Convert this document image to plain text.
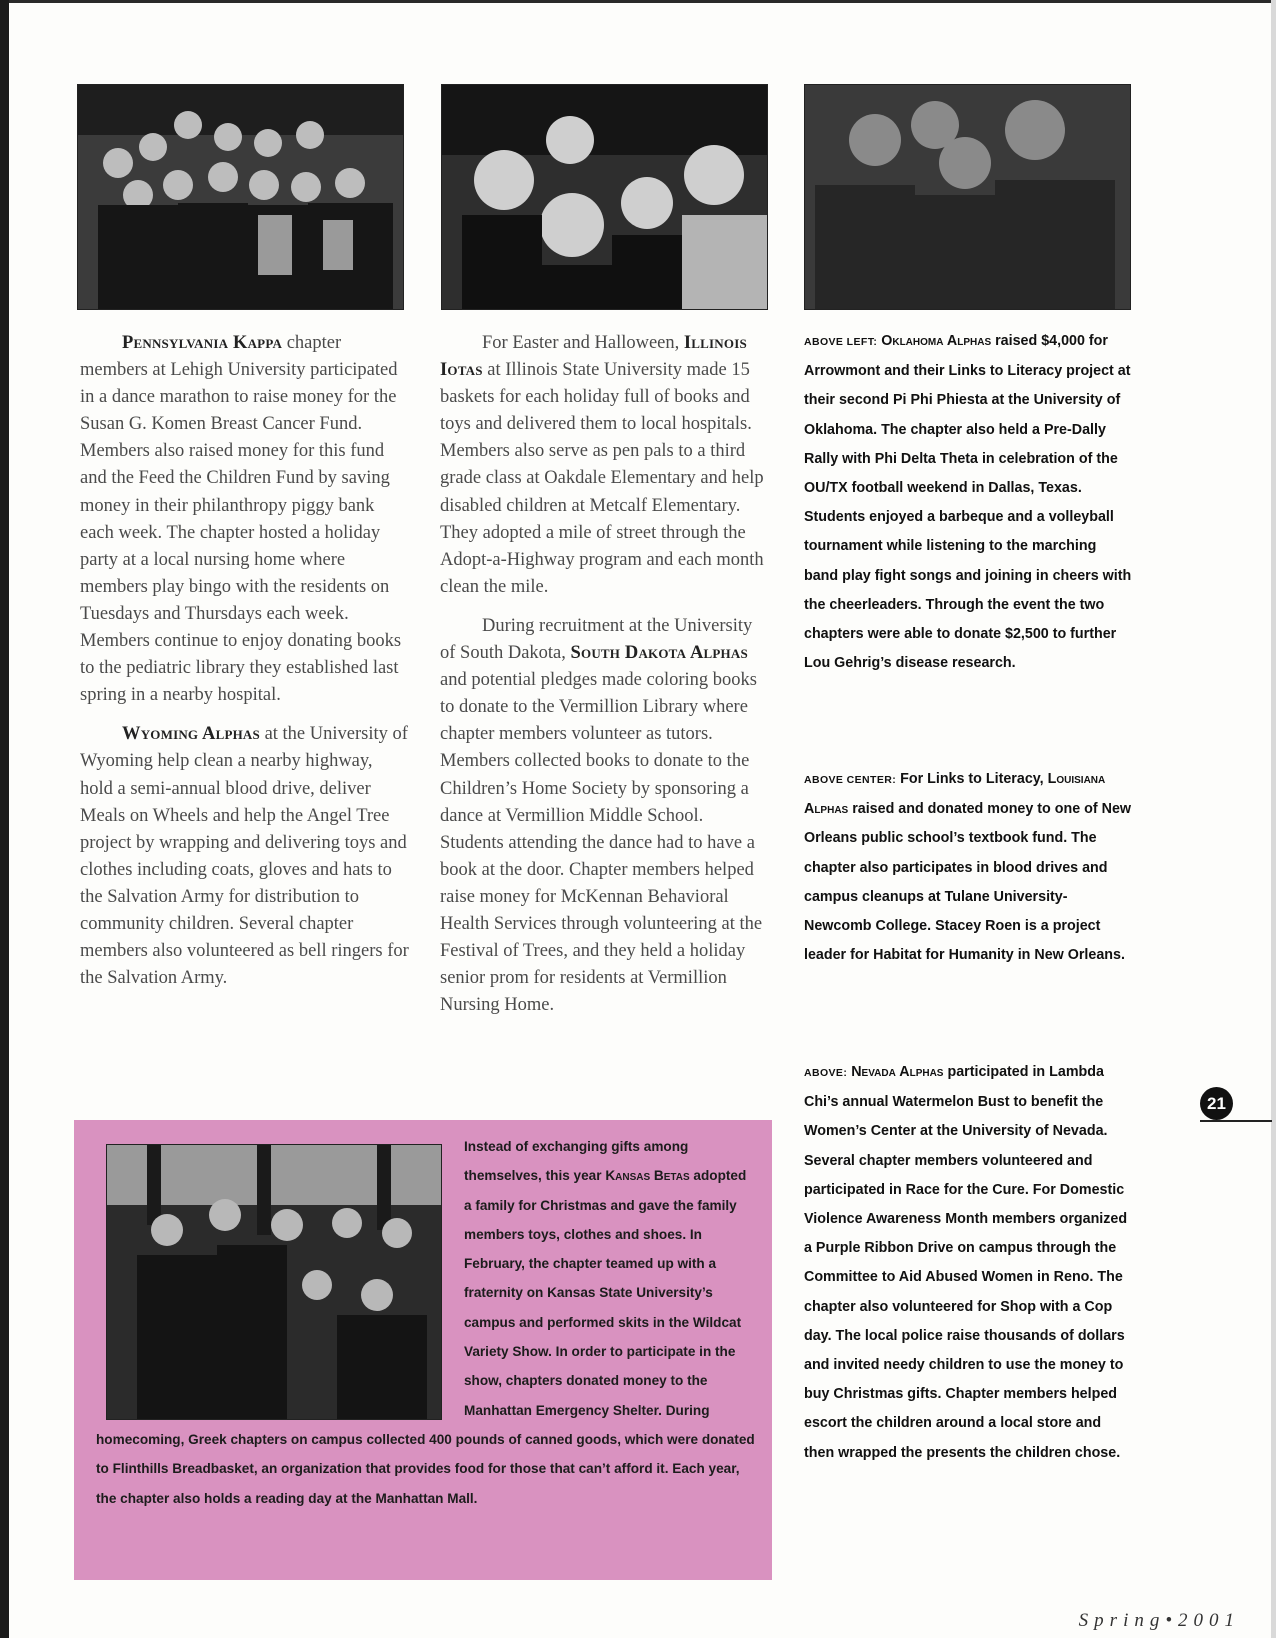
Pennsylvania Kappa chapter members at Lehigh University participated in a dance marathon to raise money for the Susan G. Komen Breast Cancer Fund. Members also raised money for this fund and the Feed the Children Fund by saving money in their philanthropy piggy bank each week. The chapter hosted a holiday party at a local nursing home where members play bingo with the residents on Tuesdays and Thursdays each week. Members continue to enjoy donating books to the pediatric library they established last spring in a nearby hospital.

Wyoming Alphas at the University of Wyoming help clean a nearby highway, hold a semi-annual blood drive, deliver Meals on Wheels and help the Angel Tree project by wrapping and delivering toys and clothes including coats, gloves and hats to the Salvation Army for distribution to community children. Several chapter members also volunteered as bell ringers for the Salvation Army.

For Easter and Halloween, Illinois Iotas at Illinois State University made 15 baskets for each holiday full of books and toys and delivered them to local hospitals. Members also serve as pen pals to a third grade class at Oakdale Elementary and help disabled children at Metcalf Elementary. They adopted a mile of street through the Adopt-a-Highway program and each month clean the mile.

During recruitment at the University of South Dakota, South Dakota Alphas and potential pledges made coloring books to donate to the Vermillion Library where chapter members volunteer as tutors. Members collected books to donate to the Children’s Home Society by sponsoring a dance at Vermillion Middle School. Students attending the dance had to have a book at the door. Chapter members helped raise money for McKennan Behavioral Health Services through volunteering at the Festival of Trees, and they held a holiday senior prom for residents at Vermillion Nursing Home.

ABOVE LEFT: Oklahoma Alphas raised $4,000 for Arrowmont and their Links to Literacy project at their second Pi Phi Phiesta at the University of Oklahoma. The chapter also held a Pre-Dally Rally with Phi Delta Theta in celebration of the OU/TX football weekend in Dallas, Texas. Students enjoyed a barbeque and a volleyball tournament while listening to the marching band play fight songs and joining in cheers with the cheerleaders. Through the event the two chapters were able to donate $2,500 to further Lou Gehrig’s disease research.

ABOVE CENTER: For Links to Literacy, Louisiana Alphas raised and donated money to one of New Orleans public school’s textbook fund. The chapter also participates in blood drives and campus cleanups at Tulane University-Newcomb College. Stacey Roen is a project leader for Habitat for Humanity in New Orleans.

ABOVE: Nevada Alphas participated in Lambda Chi’s annual Watermelon Bust to benefit the Women’s Center at the University of Nevada. Several chapter members volunteered and participated in Race for the Cure. For Domestic Violence Awareness Month members organized a Purple Ribbon Drive on campus through the Committee to Aid Abused Women in Reno. The chapter also volunteered for Shop with a Cop day. The local police raise thousands of dollars and invited needy children to use the money to buy Christmas gifts. Chapter members helped escort the children around a local store and then wrapped the presents the children chose.

Instead of exchanging gifts among themselves, this year Kansas Betas adopted a family for Christmas and gave the family members toys, clothes and shoes. In February, the chapter teamed up with a fraternity on Kansas State University’s campus and performed skits in the Wildcat Variety Show. In order to participate in the show, chapters donated money to the Manhattan Emergency Shelter. During homecoming, Greek chapters on campus collected 400 pounds of canned goods, which were donated to Flinthills Breadbasket, an organization that provides food for those that can’t afford it. Each year, the chapter also holds a reading day at the Manhattan Mall.

21
Spring•2001
